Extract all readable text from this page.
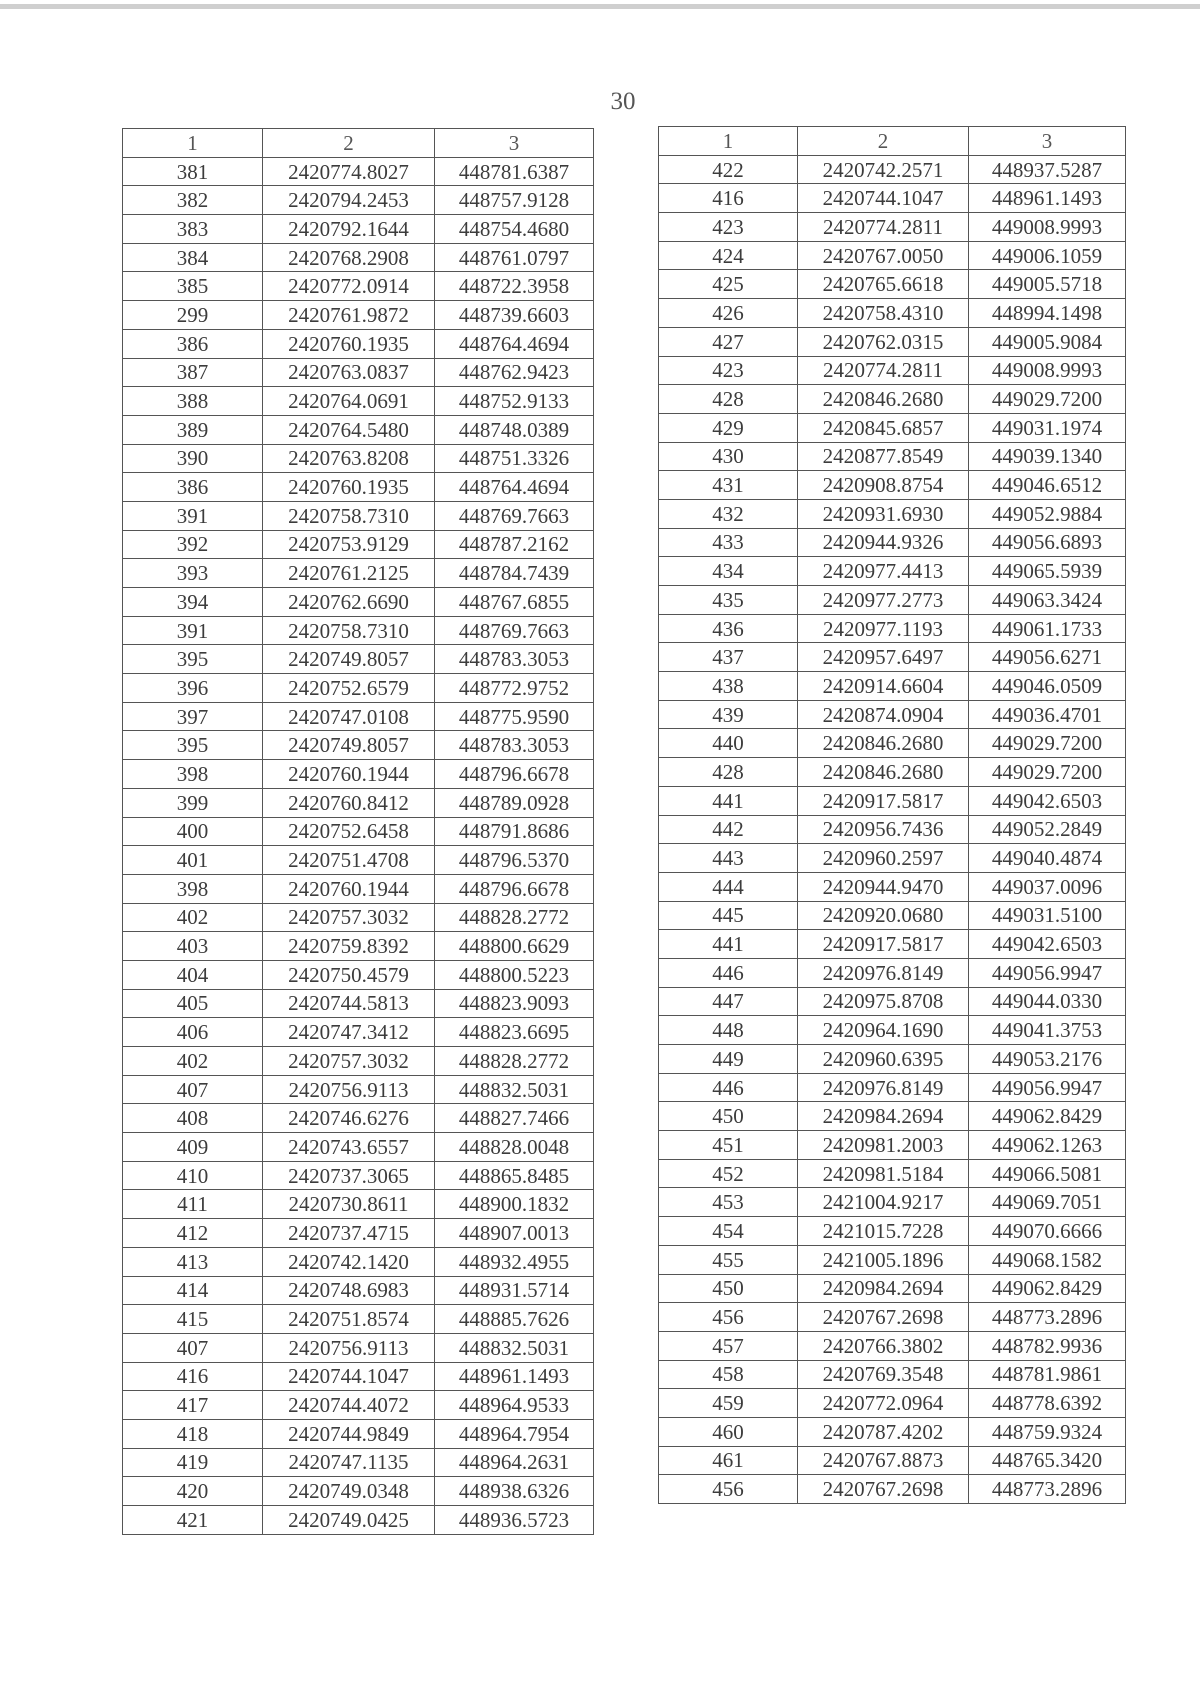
30
1	2	3
381	2420774.8027	448781.6387
382	2420794.2453	448757.9128
383	2420792.1644	448754.4680
384	2420768.2908	448761.0797
385	2420772.0914	448722.3958
299	2420761.9872	448739.6603
386	2420760.1935	448764.4694
387	2420763.0837	448762.9423
388	2420764.0691	448752.9133
389	2420764.5480	448748.0389
390	2420763.8208	448751.3326
386	2420760.1935	448764.4694
391	2420758.7310	448769.7663
392	2420753.9129	448787.2162
393	2420761.2125	448784.7439
394	2420762.6690	448767.6855
391	2420758.7310	448769.7663
395	2420749.8057	448783.3053
396	2420752.6579	448772.9752
397	2420747.0108	448775.9590
395	2420749.8057	448783.3053
398	2420760.1944	448796.6678
399	2420760.8412	448789.0928
400	2420752.6458	448791.8686
401	2420751.4708	448796.5370
398	2420760.1944	448796.6678
402	2420757.3032	448828.2772
403	2420759.8392	448800.6629
404	2420750.4579	448800.5223
405	2420744.5813	448823.9093
406	2420747.3412	448823.6695
402	2420757.3032	448828.2772
407	2420756.9113	448832.5031
408	2420746.6276	448827.7466
409	2420743.6557	448828.0048
410	2420737.3065	448865.8485
411	2420730.8611	448900.1832
412	2420737.4715	448907.0013
413	2420742.1420	448932.4955
414	2420748.6983	448931.5714
415	2420751.8574	448885.7626
407	2420756.9113	448832.5031
416	2420744.1047	448961.1493
417	2420744.4072	448964.9533
418	2420744.9849	448964.7954
419	2420747.1135	448964.2631
420	2420749.0348	448938.6326
421	2420749.0425	448936.5723
1	2	3
422	2420742.2571	448937.5287
416	2420744.1047	448961.1493
423	2420774.2811	449008.9993
424	2420767.0050	449006.1059
425	2420765.6618	449005.5718
426	2420758.4310	448994.1498
427	2420762.0315	449005.9084
423	2420774.2811	449008.9993
428	2420846.2680	449029.7200
429	2420845.6857	449031.1974
430	2420877.8549	449039.1340
431	2420908.8754	449046.6512
432	2420931.6930	449052.9884
433	2420944.9326	449056.6893
434	2420977.4413	449065.5939
435	2420977.2773	449063.3424
436	2420977.1193	449061.1733
437	2420957.6497	449056.6271
438	2420914.6604	449046.0509
439	2420874.0904	449036.4701
440	2420846.2680	449029.7200
428	2420846.2680	449029.7200
441	2420917.5817	449042.6503
442	2420956.7436	449052.2849
443	2420960.2597	449040.4874
444	2420944.9470	449037.0096
445	2420920.0680	449031.5100
441	2420917.5817	449042.6503
446	2420976.8149	449056.9947
447	2420975.8708	449044.0330
448	2420964.1690	449041.3753
449	2420960.6395	449053.2176
446	2420976.8149	449056.9947
450	2420984.2694	449062.8429
451	2420981.2003	449062.1263
452	2420981.5184	449066.5081
453	2421004.9217	449069.7051
454	2421015.7228	449070.6666
455	2421005.1896	449068.1582
450	2420984.2694	449062.8429
456	2420767.2698	448773.2896
457	2420766.3802	448782.9936
458	2420769.3548	448781.9861
459	2420772.0964	448778.6392
460	2420787.4202	448759.9324
461	2420767.8873	448765.3420
456	2420767.2698	448773.2896
